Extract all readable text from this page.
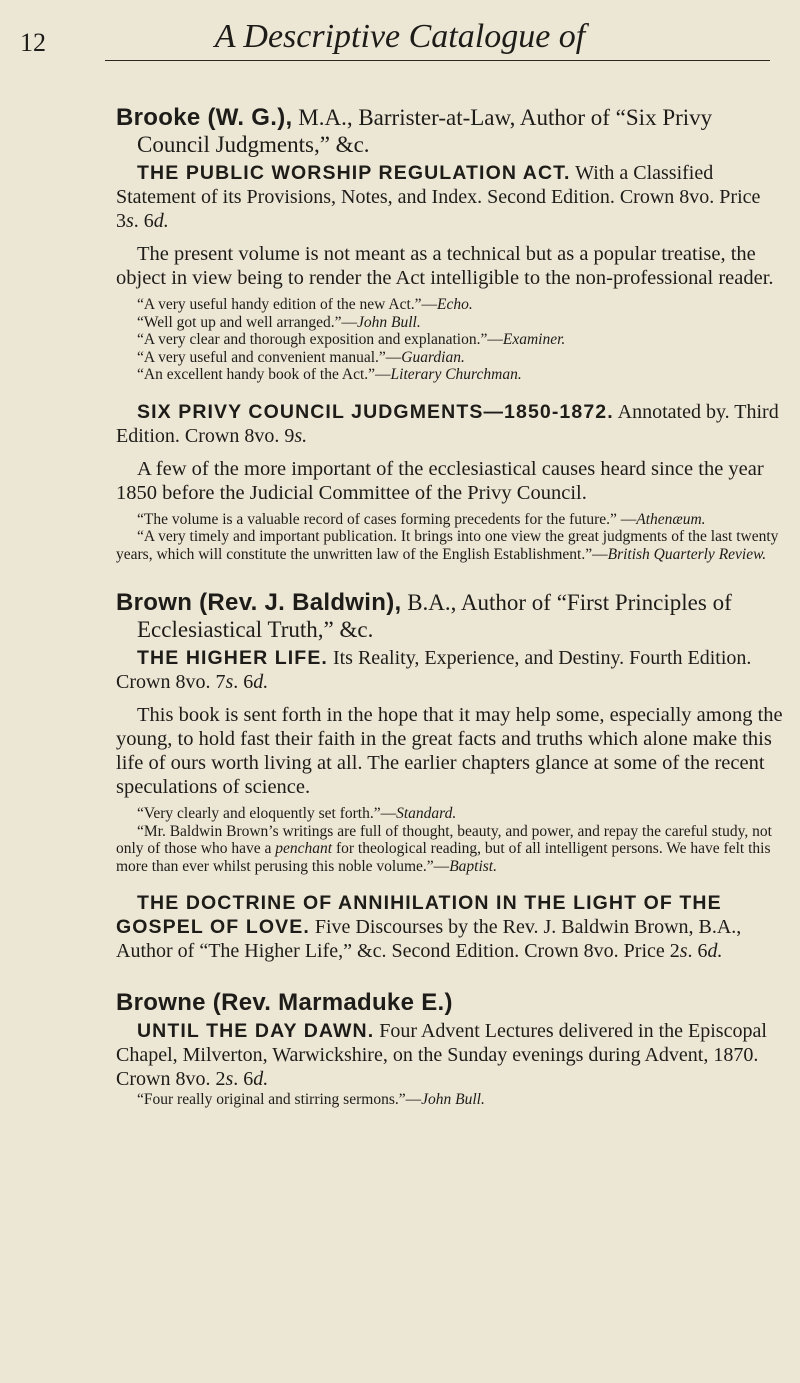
12	A Descriptive Catalogue of

Brooke (W. G.), M.A., Barrister-at-Law, Author of “Six Privy Council Judgments,” &c.

THE PUBLIC WORSHIP REGULATION ACT. With a Classified Statement of its Provisions, Notes, and Index. Second Edition. Crown 8vo. Price 3s. 6d.

The present volume is not meant as a technical but as a popular treatise, the object in view being to render the Act intelligible to the non-professional reader.

“A very useful handy edition of the new Act.”—Echo.

“Well got up and well arranged.”—John Bull.

“A very clear and thorough exposition and explanation.”—Examiner.

“A very useful and convenient manual.”—Guardian.

“An excellent handy book of the Act.”—Literary Churchman.

SIX PRIVY COUNCIL JUDGMENTS—1850-1872. Annotated by. Third Edition. Crown 8vo. 9s.

A few of the more important of the ecclesiastical causes heard since the year 1850 before the Judicial Committee of the Privy Council.

“The volume is a valuable record of cases forming precedents for the future.” —Athenæum.

“A very timely and important publication. It brings into one view the great judgments of the last twenty years, which will constitute the unwritten law of the English Establishment.”—British Quarterly Review.

Brown (Rev. J. Baldwin), B.A., Author of “First Principles of Ecclesiastical Truth,” &c.

THE HIGHER LIFE. Its Reality, Experience, and Destiny. Fourth Edition. Crown 8vo. 7s. 6d.

This book is sent forth in the hope that it may help some, especially among the young, to hold fast their faith in the great facts and truths which alone make this life of ours worth living at all. The earlier chapters glance at some of the recent speculations of science.

“Very clearly and eloquently set forth.”—Standard.

“Mr. Baldwin Brown’s writings are full of thought, beauty, and power, and repay the careful study, not only of those who have a penchant for theological reading, but of all intelligent persons. We have felt this more than ever whilst perusing this noble volume.”—Baptist.

THE DOCTRINE OF ANNIHILATION IN THE LIGHT OF THE GOSPEL OF LOVE. Five Discourses by the Rev. J. Baldwin Brown, B.A., Author of “The Higher Life,” &c. Second Edition. Crown 8vo. Price 2s. 6d.

Browne (Rev. Marmaduke E.)

UNTIL THE DAY DAWN. Four Advent Lectures delivered in the Episcopal Chapel, Milverton, Warwickshire, on the Sunday evenings during Advent, 1870. Crown 8vo. 2s. 6d.

“Four really original and stirring sermons.”—John Bull.
